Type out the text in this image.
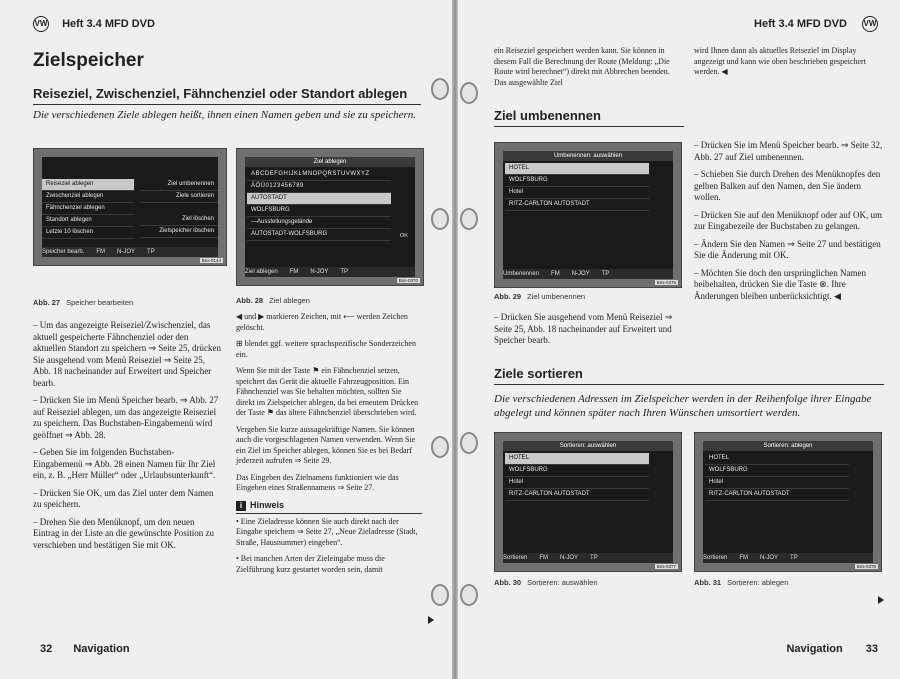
VW Heft 3.4 MFD DVD
Zielspeicher
Reiseziel, Zwischenziel, Fähnchenziel oder Standort ablegen
Die verschiedenen Ziele ablegen heißt, ihnen einen Namen geben und sie zu speichern.
Reiseziel ablegen
Zwischenziel ablegen
Fähnchenziel ablegen
Standort ablegen
Letzte 10 löschen
Ziel umbenennen
Ziele sortieren
Ziel löschen
Zielspeicher löschen
Speicher bearb. FM N-JOY TP
Bns-0144
Abb. 27 Speicher bearbeiten
Ziel ablegen
ABCDEFGHIJKLMNOPQRSTUVWXYZ
ÄÖÜ0123456789
AUTOSTADT
WOLFSBURG
—Ausstellungsgelände
AUTOSTADT-WOLFSBURG	OK
Ziel ablegen FM N-JOY TP
Bns-0370
Abb. 28 Ziel ablegen

– Um das angezeigte Reiseziel/Zwischenziel, das aktuell gespeicherte Fähnchenziel oder den aktuellen Standort zu speichern ⇒ Seite 25, drücken Sie ausgehend vom Menü Reiseziel ⇒ Seite 25, Abb. 18 nacheinander auf Erweitert und Speicher bearb.

– Drücken Sie im Menü Speicher bearb. ⇒ Abb. 27 auf Reiseziel ablegen, um das angezeigte Reiseziel zu speichern. Das Buchstaben-Eingabemenü wird geöffnet ⇒ Abb. 28.

– Geben Sie im folgenden Buchstaben-Eingabemenü ⇒ Abb. 28 einen Namen für Ihr Ziel ein, z. B. „Herr Müller“ oder „Urlaubsunterkunft“.

– Drücken Sie OK, um das Ziel unter dem Namen zu speichern.

– Drehen Sie den Menüknopf, um den neuen Eintrag in der Liste an die gewünschte Position zu verschieben und bestätigen Sie mit OK.

◀ und ▶ markieren Zeichen, mit ⟵ werden Zeichen gelöscht.

⊞ blendet ggf. weitere sprachspezifische Sonderzeichen ein.

Wenn Sie mit der Taste ⚑ ein Fähnchenziel setzen, speichert das Gerät die aktuelle Fahrzeugposition. Ein Fähnchenziel was Sie behalten möchten, sollten Sie direkt im Zielspeicher ablegen, da bei erneutem Drücken der Taste ⚑ das ältere Fähnchenziel überschrieben wird.

Vergeben Sie kurze aussagekräftige Namen. Sie können auch die vorgeschlagenen Namen verwenden. Wenn Sie ein Ziel im Speicher ablegen, können Sie es bei Bedarf jederzeit aufrufen ⇒ Seite 29.

Das Eingeben des Zielnamens funktioniert wie das Eingeben eines Straßennamens ⇒ Seite 27.

i Hinweis

• Eine Zieladresse können Sie auch direkt nach der Eingabe speichern ⇒ Seite 27, „Neue Zieladresse (Stadt, Straße, Hausnummer) eingeben“.

• Bei manchen Arten der Zieleingabe muss die Zielführung kurz gestartet worden sein, damit

32 Navigation
Heft 3.4 MFD DVD VW
ein Reiseziel gespeichert werden kann. Sie können in diesem Fall die Berechnung der Route (Meldung: „Die Route wird berechnet“) direkt mit Abbrechen beenden. Das ausgewählte Ziel
wird Ihnen dann als aktuelles Reiseziel im Display angezeigt und kann wie oben beschrieben gespeichert werden. ◀
Ziel umbenennen
Umbenennen: auswählen
HOTEL
WOLFSBURG
Hotel
RITZ-CARLTON AUTOSTADT
Umbenennen FM N-JOY TP
Bns-0376
Abb. 29 Ziel umbenennen
– Drücken Sie ausgehend vom Menü Reiseziel ⇒ Seite 25, Abb. 18 nacheinander auf Erweitert und Speicher bearb.

– Drücken Sie im Menü Speicher bearb. ⇒ Seite 32, Abb. 27 auf Ziel umbenennen.

– Schieben Sie durch Drehen des Menüknopfes den gelben Balken auf den Namen, den Sie ändern wollen.

– Drücken Sie auf den Menüknopf oder auf OK, um zur Eingabezeile der Buchstaben zu gelangen.

– Ändern Sie den Namen ⇒ Seite 27 und bestätigen Sie die Änderung mit OK.

– Möchten Sie doch den ursprünglichen Namen beibehalten, drücken Sie die Taste ⊗. Ihre Änderungen bleiben unberücksichtigt. ◀

Ziele sortieren
Die verschiedenen Adressen im Zielspeicher werden in der Reihenfolge ihrer Eingabe abgelegt und können später nach Ihren Wünschen umsortiert werden.
Sortieren: auswählen
HOTEL
WOLFSBURG
Hotel
RITZ-CARLTON AUTOSTADT
Sortieren FM N-JOY TP
Bns-0377
Abb. 30 Sortieren: auswählen
Sortieren: ablegen
HOTEL
WOLFSBURG
Hotel
RITZ-CARLTON AUTOSTADT
Sortieren FM N-JOY TP
Bns-0378
Abb. 31 Sortieren: ablegen
Navigation 33
